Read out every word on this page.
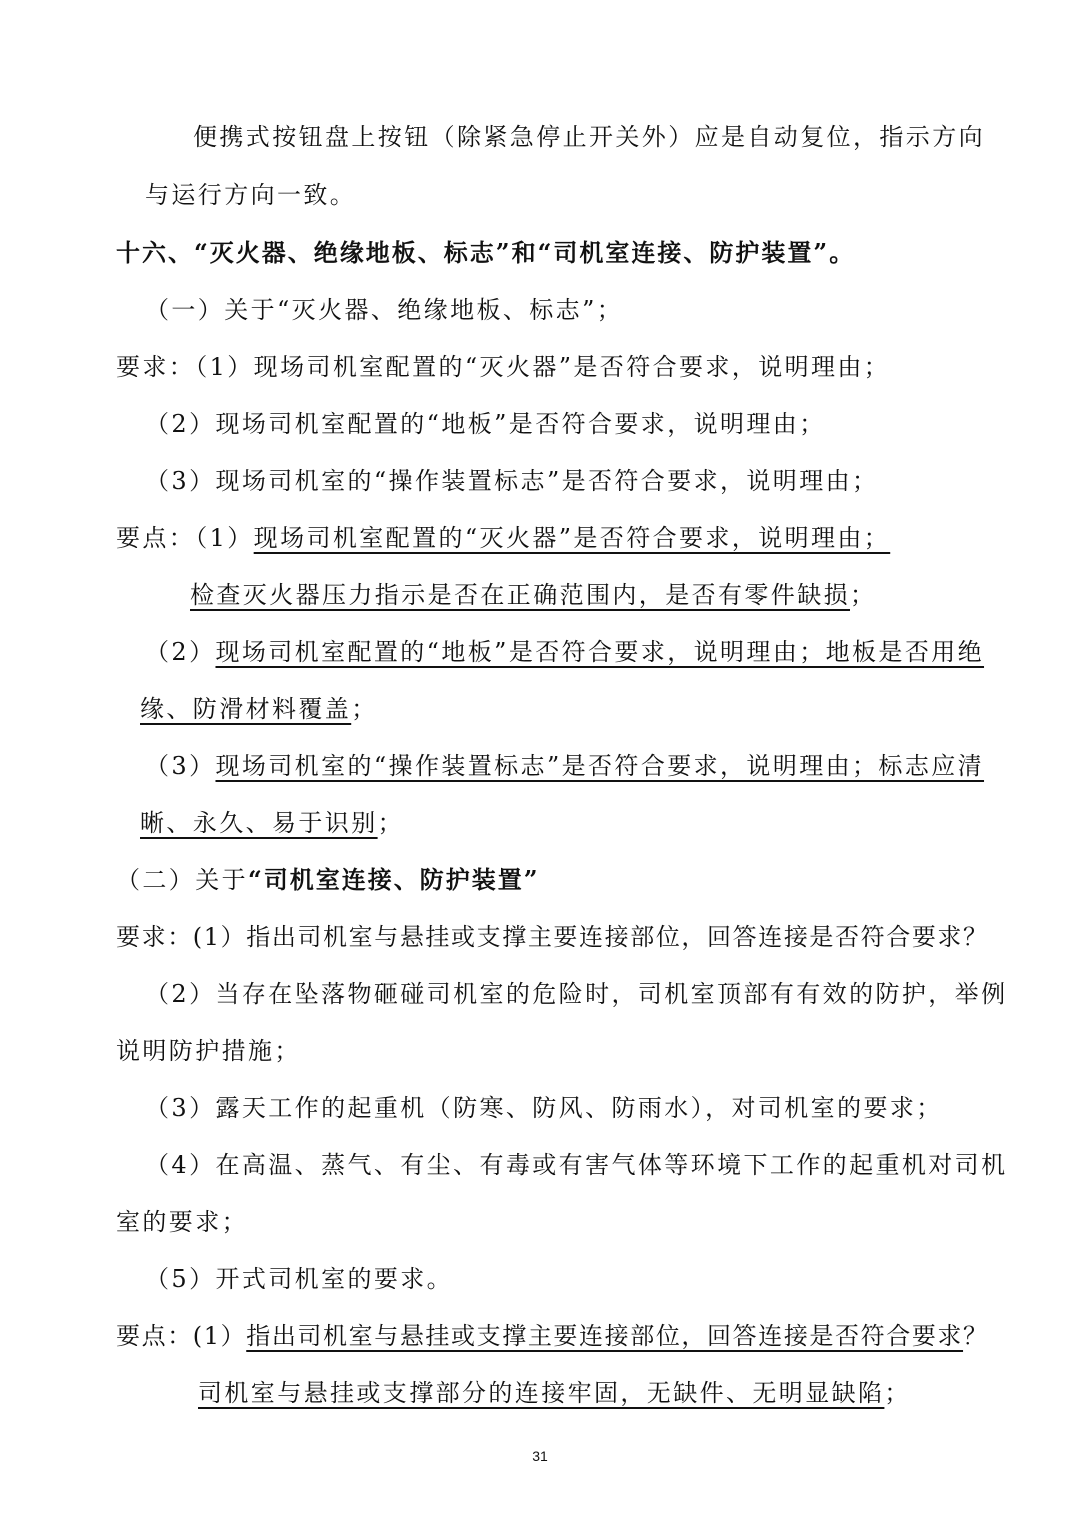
便携式按钮盘上按钮（除紧急停止开关外）应是自动复位，指示方向
与运行方向一致。
十六、“灭火器、绝缘地板、标志”和“司机室连接、防护装置”。
（一）关于“灭火器、绝缘地板、标志”；
要求：（1）现场司机室配置的“灭火器”是否符合要求，说明理由；
（2）现场司机室配置的“地板”是否符合要求，说明理由；
（3）现场司机室的“操作装置标志”是否符合要求，说明理由；
要点：（1）现场司机室配置的“灭火器”是否符合要求，说明理由；
检查灭火器压力指示是否在正确范围内，是否有零件缺损；
（2）现场司机室配置的“地板”是否符合要求，说明理由；地板是否用绝
缘、防滑材料覆盖；
（3）现场司机室的“操作装置标志”是否符合要求，说明理由；标志应清
晰、永久、易于识别；
（二）关于“司机室连接、防护装置”
要求：(1）指出司机室与悬挂或支撑主要连接部位，回答连接是否符合要求？
（2）当存在坠落物砸碰司机室的危险时，司机室顶部有有效的防护，举例
说明防护措施；
（3）露天工作的起重机（防寒、防风、防雨水），对司机室的要求；
（4）在高温、蒸气、有尘、有毒或有害气体等环境下工作的起重机对司机
室的要求；
（5）开式司机室的要求。
要点：(1）指出司机室与悬挂或支撑主要连接部位，回答连接是否符合要求？
司机室与悬挂或支撑部分的连接牢固，无缺件、无明显缺陷；
31
